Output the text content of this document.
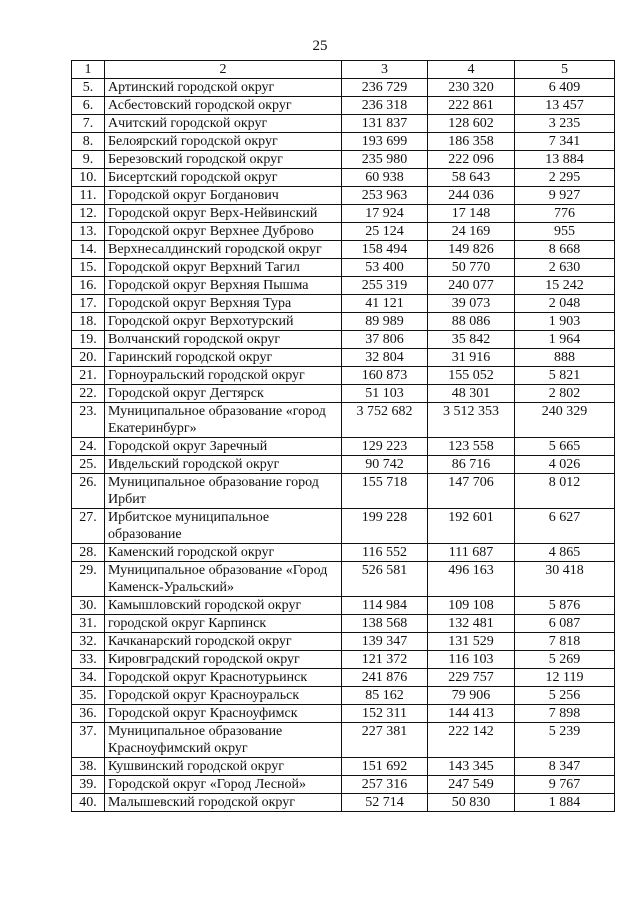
25
1	2	3	4	5
5.	Артинский городской округ	236 729	230 320	6 409
6.	Асбестовский городской округ	236 318	222 861	13 457
7.	Ачитский городской округ	131 837	128 602	3 235
8.	Белоярский городской округ	193 699	186 358	7 341
9.	Березовский городской округ	235 980	222 096	13 884
10.	Бисертский городской округ	60 938	58 643	2 295
11.	Городской округ Богданович	253 963	244 036	9 927
12.	Городской округ Верх-Нейвинский	17 924	17 148	776
13.	Городской округ Верхнее Дуброво	25 124	24 169	955
14.	Верхнесалдинский городской округ	158 494	149 826	8 668
15.	Городской округ Верхний Тагил	53 400	50 770	2 630
16.	Городской округ Верхняя Пышма	255 319	240 077	15 242
17.	Городской округ Верхняя Тура	41 121	39 073	2 048
18.	Городской округ Верхотурский	89 989	88 086	1 903
19.	Волчанский городской округ	37 806	35 842	1 964
20.	Гаринский городской округ	32 804	31 916	888
21.	Горноуральский городской округ	160 873	155 052	5 821
22.	Городской округ Дегтярск	51 103	48 301	2 802
23.	Муниципальное образование «город Екатеринбург»	3 752 682	3 512 353	240 329
24.	Городской округ Заречный	129 223	123 558	5 665
25.	Ивдельский городской округ	90 742	86 716	4 026
26.	Муниципальное образование город Ирбит	155 718	147 706	8 012
27.	Ирбитское муниципальное образование	199 228	192 601	6 627
28.	Каменский городской округ	116 552	111 687	4 865
29.	Муниципальное образование «Город Каменск-Уральский»	526 581	496 163	30 418
30.	Камышловский городской округ	114 984	109 108	5 876
31.	городской округ Карпинск	138 568	132 481	6 087
32.	Качканарский городской округ	139 347	131 529	7 818
33.	Кировградский городской округ	121 372	116 103	5 269
34.	Городской округ Краснотурьинск	241 876	229 757	12 119
35.	Городской округ Красноуральск	85 162	79 906	5 256
36.	Городской округ Красноуфимск	152 311	144 413	7 898
37.	Муниципальное образование Красноуфимский округ	227 381	222 142	5 239
38.	Кушвинский городской округ	151 692	143 345	8 347
39.	Городской округ «Город Лесной»	257 316	247 549	9 767
40.	Малышевский городской округ	52 714	50 830	1 884
